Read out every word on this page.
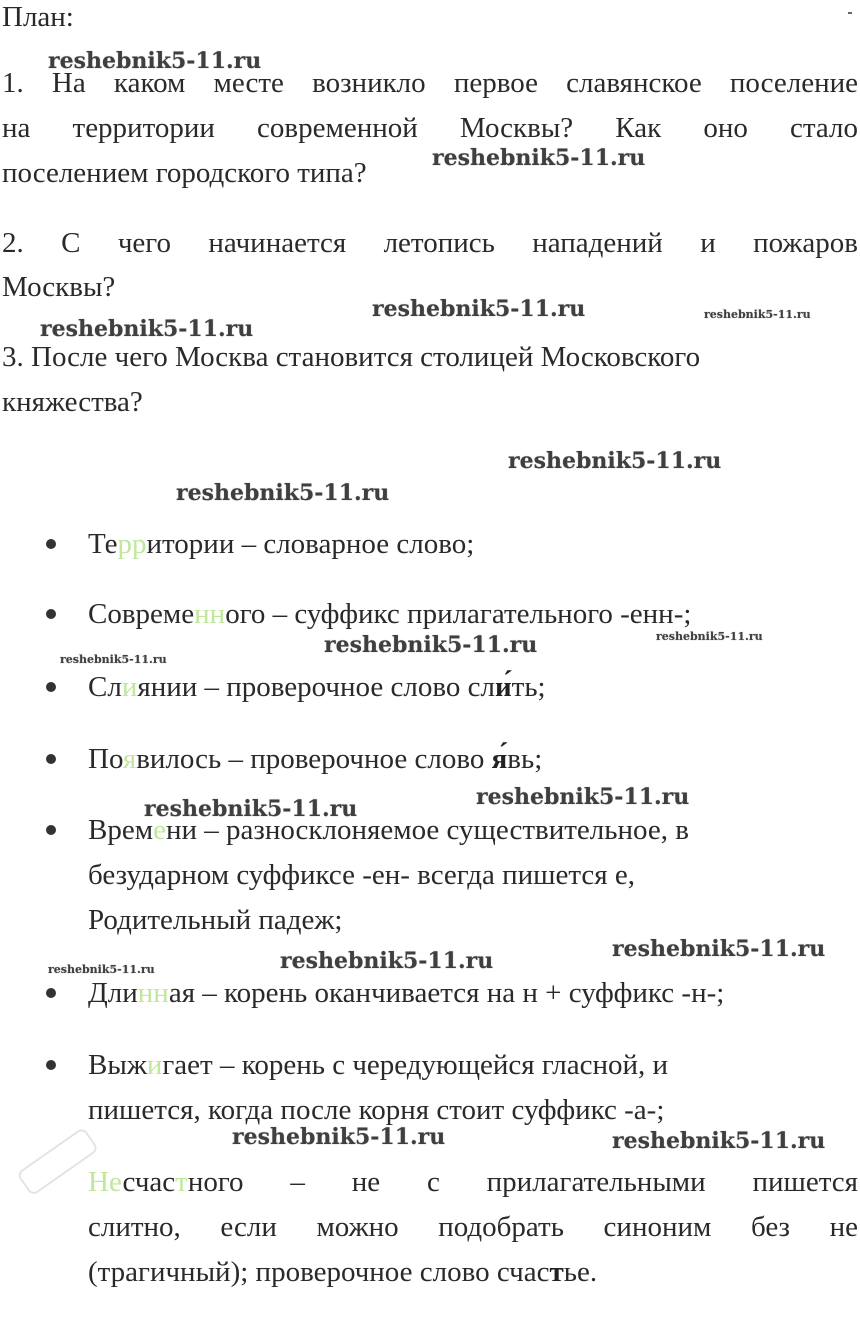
План:
1. На каком месте возникло первое славянское поселение
на территории современной Москвы? Как оно стало
поселением городского типа?
2. С чего начинается летопись нападений и пожаров
Москвы?
3. После чего Москва становится столицей Московского
княжества?
Территории – словарное слово;
Современного – суффикс прилагательного -енн-;
Слиянии – проверочное слово сли́ть;
Появилось – проверочное слово я́вь;
Времени – разносклоняемое существительное, в
безударном суффиксе -ен- всегда пишется е,
Родительный падеж;
Длинная – корень оканчивается на н + суффикс -н-;
Выжигает – корень с чередующейся гласной, и
пишется, когда после корня стоит суффикс -а-;
Несчастного – не с прилагательными пишется
слитно, если можно подобрать синоним без не
(трагичный); проверочное слово счастье.
reshebnik5-11.ru
reshebnik5-11.ru
reshebnik5-11.ru	reshebnik5-11.ru
reshebnik5-11.ru
reshebnik5-11.ru
reshebnik5-11.ru
reshebnik5-11.ru	reshebnik5-11.ru
reshebnik5-11.ru
reshebnik5-11.ru	reshebnik5-11.ru
reshebnik5-11.ru
reshebnik5-11.ru
reshebnik5-11.ru
reshebnik5-11.ru	reshebnik5-11.ru
